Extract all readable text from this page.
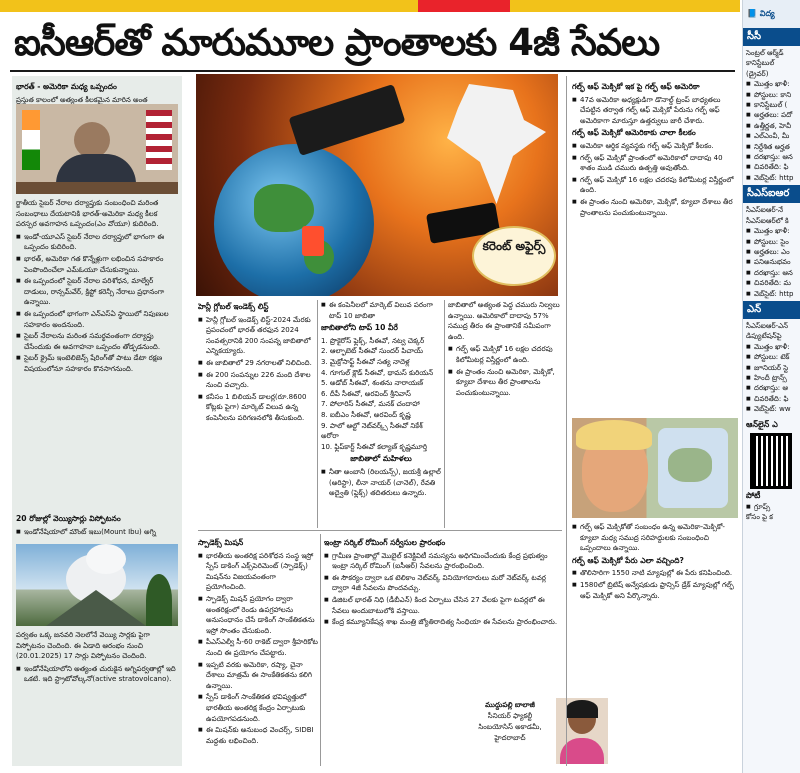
ఐసీఆర్‌తో మారుమూల ప్రాంతాలకు 4జీ సేవలు
భారత్ - అమెరికా మధ్య ఒప్పందం
ప్రస్తుత కాలంలో అత్యంత కీలకమైన మారిన అంత

ర్జాతీయ సైబర్ నేరాల దర్యాప్తుకు సంబంధించి మరింత సంబంధాలు దేయటానికి భారత్-అమెరికా మధ్య కీలక పరస్పర అవగాహన ఒప్పందం(ఎం వోయూ) కుదిరింది.

■ ఇండో-యూఎస్ సైబర్ నేరాల దర్యాప్తులో భాగంగా ఈ ఒప్పందం కుదిరింది.
■ భారత్, అమెరికా గత కొన్నేళ్లుగా లభించిన సహకారం పెంపొందించేలా ఎమ్ఓయూ చేసుకున్నాయి.
■ ఈ ఒప్పందంలో సైబర్ నేరాల పరిశోధన, మాల్వేర్ దాడులు, రాన్సమ్‌వేర్, క్రిప్టో కరెన్సీ నేరాలు ప్రధానంగా ఉన్నాయి.
■ ఈ ఒప్పందంలో భాగంగా ఎన్‌ఎస్‌ఏ స్థాయిలో నిపుణుల సహకారం అందనుంది.
■ సైబర్ నేరాలను మరింత సమర్థవంతంగా దర్యాప్తు చేసేందుకు ఈ అవగాహనా ఒప్పందం తోడ్పడనుంది.
■ సైబర్ క్రైమ్ ఇంటెలిజెన్స్ షేరింగ్‌తో పాటు డేటా రక్షణ విషయంలోనూ సహకారం కొనసాగనుంది.
20 రోజుల్లో వెయ్యిసార్లు విస్ఫోటనం
■ ఇండోనేషియాలో మౌంట్ ఇబు(Mount Ibu) అగ్ని

పర్వతం ఒక్క జనవరి నెలలోనే వెయ్యి సార్లకు పైగా విస్ఫోటనం చెందింది. ఈ ఏడాది ఆరంభం నుంచి (20.01.2025) 17 సార్లు విస్ఫోటనం చెందింది.

■ ఇండోనేషియాలోని అత్యంత చురుకైన అగ్నిపర్వతాల్లో ఇది ఒకటి. ఇది స్ట్రాటోవోల్కనో(active stratovolcano).
కరెంట్ అఫైర్స్
హెన్లీ గ్లోబల్ ఇండెక్స్ లిస్ట్
■ హెన్లీ గ్లోబల్ ఇండెక్స్ లిస్ట్-2024 మేరకు ప్రపంచంలో భారత్ తరఫున 2024 సంవత్సరానికి 200 సంపన్న జాబితాలో ఎన్నికయ్యారు.
■ ఈ జాబితాలో 29 నగరాలతో నిలిచింది.
■ ఈ 200 సంపన్నుల 226 మంది దేశాల నుంచి వచ్చారు.
■ కనీసం 1 బిలియన్ డాలర్ల(రూ.8600 కోట్లకు పైగా) మార్కెట్ విలువ ఉన్న కంపెనీలను పరిగణనలోకి తీసుకుంది.
■ ఈ కంపెనీలలో మార్కెట్ విలువ పరంగా టాప్ 10 జాబితా
జాబితాలోని టాప్ 10 వీరే
1. ప్రొకైరోస్ ఫ్లెక్స్, సీఈవో, నట్వ చెక్కర్
2. ఆల్ఫాబెట్ సీఈవో సుందర్ పిచాయ్
3. మైక్రోసాఫ్ట్ సీఈవో సత్య నాదెళ్ల
4. గూగుల్ క్లౌడ్ సీఈవో, థామస్ కురియన్
5. అడోబ్ సీఈవో, శంతను నారాయణ్
6. దీపీ సీఈవో, అరవింద్ శ్రీనివాస్
7. పోలారిస్ సీఈవో, మనక్ చందాహా
8. ఐబీఎం సీఈవో, అరవింద్ కృష్ణ
9. పాలో ఆల్టో నెట్‌వర్క్స్ సీఈవో నికేశ్ అరోరా
10. ఫ్లిప్‌కార్ట్ సీఈవో కల్యాణ్ కృష్ణమూర్తి
జాబితాలో మహిళలు
■ నీతా అంబానీ (రిలయన్స్), జయశ్రీ ఉల్లాల్ (అరిస్టా), లీనా నాయర్ (చానెల్), రేవతి అద్వైతి (ఫ్లెక్స్) తదితరులు ఉన్నారు.

జాబితాలో అత్యంత పెద్ద చమురు నిల్వలు ఉన్నాయి. అమెరికాలో దాదాపు 57% సముద్ర తీరం ఈ ప్రాంతానికే సమీపంగా ఉంది.

■ గల్ఫ్ ఆఫ్ మెక్సికో 16 లక్షల చదరపు కిలోమీటర్ల విస్తీర్ణంలో ఉంది.
■ ఈ ప్రాంతం నుంచి అమెరికా, మెక్సికో, క్యూబా దేశాలు తీర ప్రాంతాలను పంచుకుంటున్నాయి.
స్పాడెక్స్ మిషన్
■ భారతీయ అంతరిక్ష పరిశోధన సంస్థ ఇస్రో స్పేస్ డాకింగ్ ఎక్స్‌పెరిమెంట్ (స్పాడెక్స్) మిషన్‌ను విజయవంతంగా ప్రయోగించింది.
■ స్పాడెక్స్ మిషన్ ప్రయోగం ద్వారా అంతరిక్షంలో రెండు ఉపగ్రహాలను అనుసంధానం చేసే డాకింగ్ సాంకేతికతను ఇస్రో సొంతం చేసుకుంది.
■ పీఎస్ఎల్వీ సీ-60 రాకెట్ ద్వారా శ్రీహరికోట నుంచి ఈ ప్రయోగం చేపట్టారు.
■ ఇప్పటి వరకు అమెరికా, రష్యా, చైనా దేశాలు మాత్రమే ఈ సాంకేతికతను కలిగి ఉన్నాయి.
■ స్పేస్ డాకింగ్ సాంకేతికత భవిష్యత్తులో భారతీయ అంతరిక్ష కేంద్రం ఏర్పాటుకు ఉపయోగపడనుంది.
■ ఈ మిషన్‌కు అనుబంధ వెంచర్స్, SIDBI మద్దతు లభించింది.
ఇంట్రా సర్కిల్ రోమింగ్ సర్వీసుల ప్రారంభం
■ గ్రామీణ ప్రాంతాల్లో మొబైల్ కనెక్టివిటీ సమస్యను అధిగమించేందుకు కేంద్ర ప్రభుత్వం ఇంట్రా సర్కిల్ రోమింగ్ (ఐసీఆర్) సేవలను ప్రారంభించింది.
■ ఈ సౌకర్యం ద్వారా ఒక టెలికాం నెట్‌వర్క్ వినియోగదారులు మరో నెట్‌వర్క్ టవర్ల ద్వారా 4జీ సేవలను పొందవచ్చు.
■ డిజిటల్ భారత్ నిధి (డీబీఎన్) కింద ఏర్పాటు చేసిన 27 వేలకు పైగా టవర్లలో ఈ సేవలు అందుబాటులోకి వస్తాయి.
■ కేంద్ర కమ్యూనికేషన్ల శాఖ మంత్రి జ్యోతిరాదిత్య సింధియా ఈ సేవలను ప్రారంభించారు.
ముద్దుపల్లి బాలాజీ
సీనియర్ ఫ్యాకల్టీ
సింబయోసిస్ అకాడమీ,
హైదరాబాద్
గల్ఫ్ ఆఫ్ మెక్సికో ఇక పై గల్ఫ్ ఆఫ్ అమెరికా
■ 47వ అమెరికా అధ్యక్షుడిగా డొనాల్డ్ ట్రంప్ బాధ్యతలు చేపట్టిన తర్వాత గల్ఫ్ ఆఫ్ మెక్సికో పేరును గల్ఫ్ ఆఫ్ అమెరికాగా మారుస్తూ ఉత్తర్వులు జారీ చేశారు.
గల్ఫ్ ఆఫ్ మెక్సికో ఆమెరికాకు చాలా కీలకం
■ అమెరికా ఆర్థిక వ్యవస్థకు గల్ఫ్ ఆఫ్ మెక్సికో కీలకం.
■ గల్ఫ్ ఆఫ్ మెక్సికో ప్రాంతంలో అమెరికాలో దాదాపు 40 శాతం ముడి చమురు ఉత్పత్తి అవుతోంది.
■ గల్ఫ్ ఆఫ్ మెక్సికో 16 లక్షల చదరపు కిలోమీటర్ల విస్తీర్ణంలో ఉంది.
■ ఈ ప్రాంతం నుంచి అమెరికా, మెక్సికో, క్యూబా దేశాలు తీర ప్రాంతాలను పంచుకుంటున్నాయి.
■ గల్ఫ్ ఆఫ్ మెక్సికోతో సంబంధం ఉన్న అమెరికా-మెక్సికో-క్యూబా మధ్య సముద్ర సరిహద్దులకు సంబంధించి ఒప్పందాలు ఉన్నాయి.
గల్ఫ్ ఆఫ్ మెక్సికో పేరు ఎలా వచ్చింది?
■ తొలిసారిగా 1550 నాటి మ్యాపుల్లో ఈ పేరు కనిపించింది.
■ 1580లో బ్రిటిష్ అన్వేషకుడు ఫ్రాన్సిస్ డ్రేక్ మ్యాపుల్లో గల్ఫ్ ఆఫ్ మెక్సికో అని పేర్కొన్నారు.
📘 విద్య
సీసీ
సెంట్రల్ ఆర్మ్‌డ్ కానిస్టేబుల్ (డ్రైవర్)
■ మొత్తం ఖాళీ:
■ పోస్టులు: కాని
■ కానిస్టేబుల్ (
■ అర్హతలు: పదో
■ ఉత్తీర్ణత, హెవీ
■ ఎల్‌ఎంవీ, మీ
■ నిర్దేశిత అర్హత
■ దరఖాస్తు: ఆన
■ చివరితేది: ఫి
■ వెబ్‌సైట్: http
సీఎస్ఐఆర
సీఎస్ఐఆర్-నే
సీఎస్ఐఆర్‌లో కి
■ మొత్తం ఖాళీ:
■ పోస్టులు: సైం
■ అర్హతలు: ఎం
■ పనిఅనుభవం
■ దరఖాస్తు: ఆన
■ చివరితేది: మ
■ వెబ్‌సైట్: http
ఎన్
సీఎస్ఐఆర్-ఎన్
డిప్యుటేషన్‌పై
■ మొత్తం ఖాళీ:
■ పోస్టులు: టెక్
■ జూనియర్ స్టె
■ హిందీ ట్రాన్స్
■ దరఖాస్తు: ఆ
■ చివరితేది: ఫి
■ వెబ్‌సైట్: ww
ఆన్‌లైన్ ఎ
పోటీ
■ గ్రూప్స్‌
కోసం పై క
